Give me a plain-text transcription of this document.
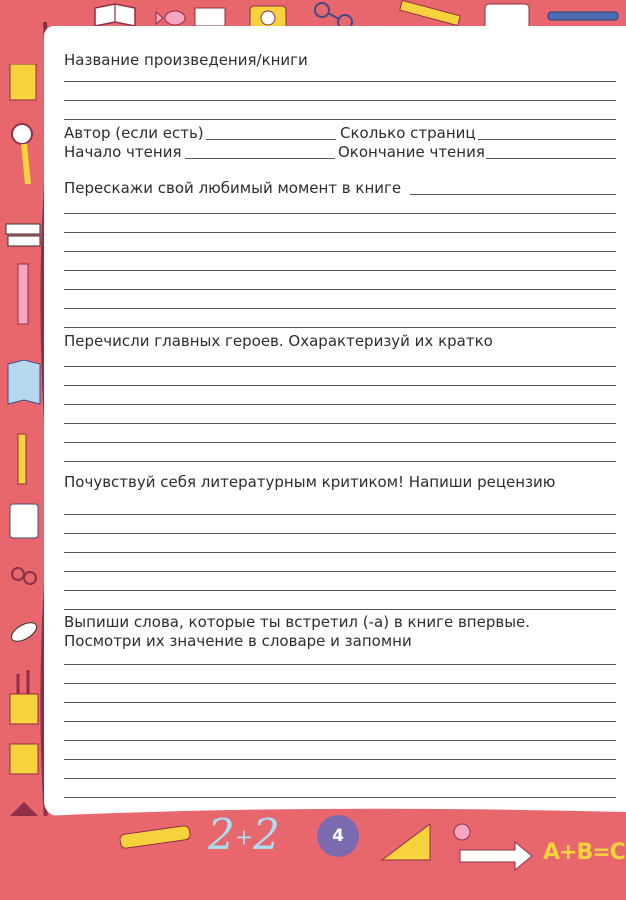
2+2	4
A+B=C
Название произведения/книги
Автор (если есть)	Сколько страниц
Начало чтения	Окончание чтения
Перескажи свой любимый момент в книге
Перечисли главных героев. Охарактеризуй их кратко
Почувствуй себя литературным критиком! Напиши рецензию
Выпиши слова, которые ты встретил (-а) в книге впервые.
Посмотри их значение в словаре и запомни
